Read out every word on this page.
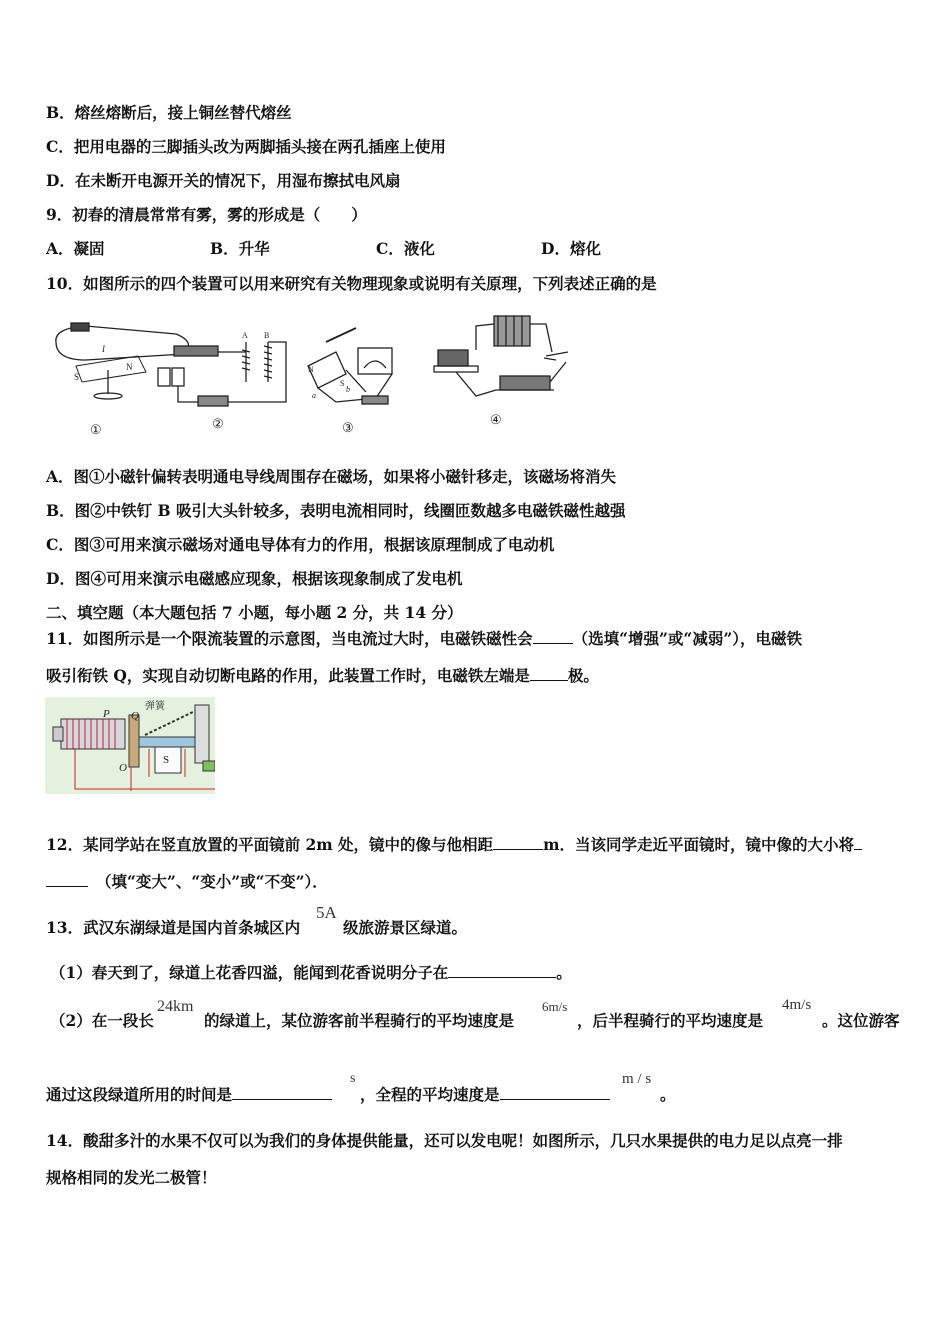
B．熔丝熔断后，接上铜丝替代熔丝
C．把用电器的三脚插头改为两脚插头接在两孔插座上使用
D．在未断开电源开关的情况下，用湿布擦拭电风扇
9．初春的清晨常常有雾，雾的形成是（　　）
A．凝固	B．升华	C．液化	D．熔化
10．如图所示的四个装置可以用来研究有关物理现象或说明有关原理，下列表述正确的是
S
N
I
A B
N
S
a
b
①	②	③
④
A．图①小磁针偏转表明通电导线周围存在磁场，如果将小磁针移走，该磁场将消失
B．图②中铁钉 B 吸引大头针较多，表明电流相同时，线圈匝数越多电磁铁磁性越强
C．图③可用来演示磁场对通电导体有力的作用，根据该原理制成了电动机
D．图④可用来演示电磁感应现象，根据该现象制成了发电机
二、填空题（本大题包括 7 小题，每小题 2 分，共 14 分）
11．如图所示是一个限流装置的示意图，当电流过大时，电磁铁磁性会	（选填“增强”或“减弱”），电磁铁
吸引衔铁 Q，实现自动切断电路的作用，此装置工作时，电磁铁左端是 极。
P Q
弹簧
O
S
12．某同学站在竖直放置的平面镜前 2m 处，镜中的像与他相距	m．当该同学走近平面镜时，镜中像的大小将
（填“变大”、“变小”或“不变”）．
13．武汉东湖绿道是国内首条城区内
5A
级旅游景区绿道。
（1）春天到了，绿道上花香四溢，能闻到花香说明分子在	。
（2）在一段长
24km
的绿道上，某位游客前半程骑行的平均速度是
6m/s
，后半程骑行的平均速度是
4m/s
。这位游客
通过这段绿道所用的时间是
s
，全程的平均速度是
m / s
。
14．酸甜多汁的水果不仅可以为我们的身体提供能量，还可以发电呢！如图所示，几只水果提供的电力足以点亮一排
规格相同的发光二极管！
